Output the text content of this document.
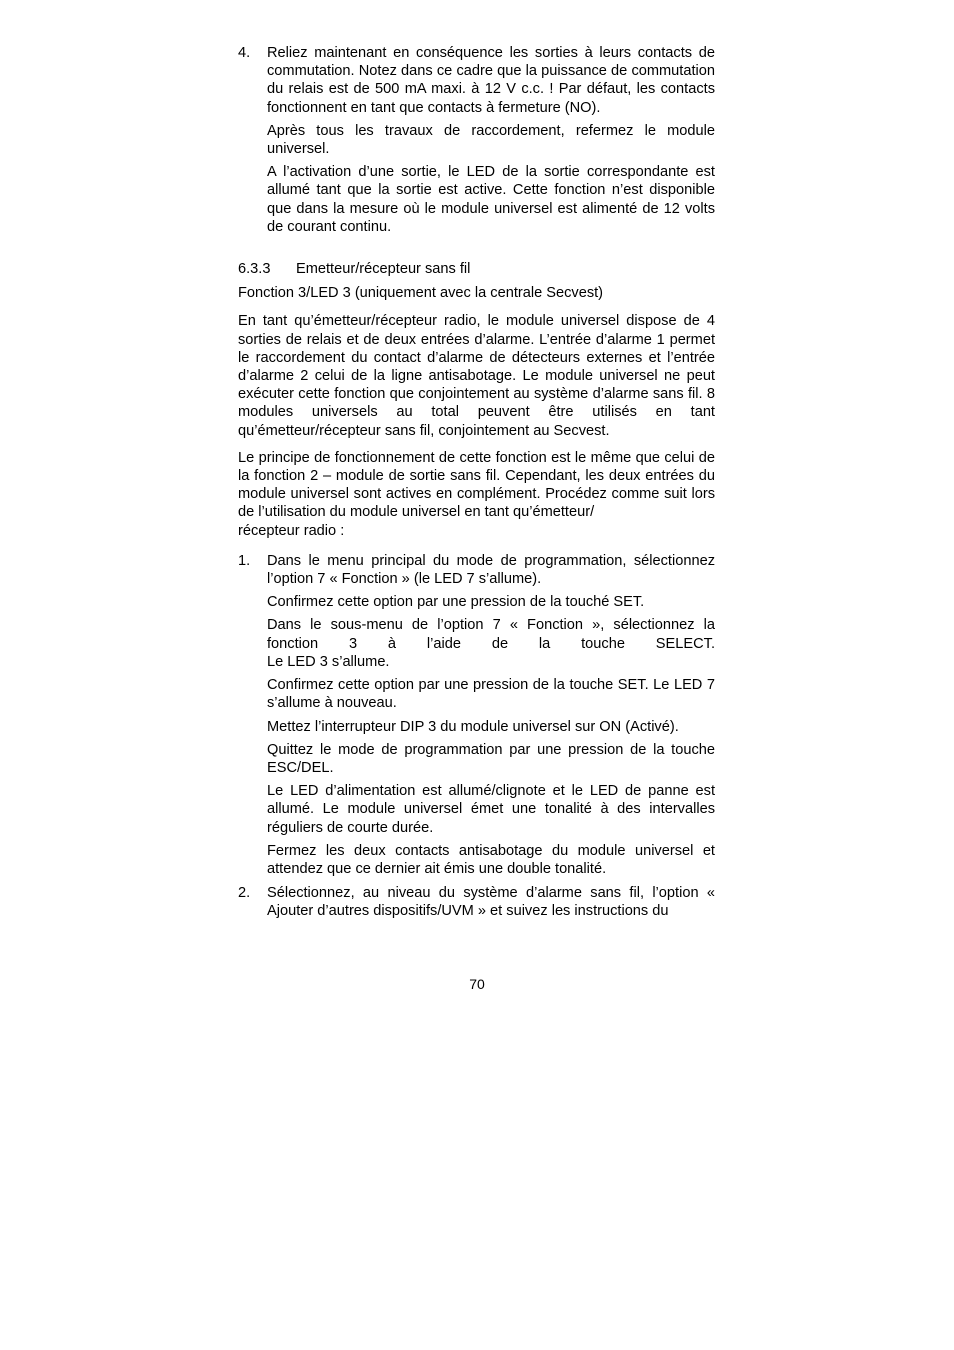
4.	Reliez maintenant en conséquence les sorties à leurs contacts de commutation. Notez dans ce cadre que la puissance de commutation du relais est de 500 mA maxi. à 12 V c.c. ! Par défaut, les contacts fonctionnent en tant que contacts à fermeture (NO).

Après tous les travaux de raccordement, refermez le module universel.

A l’activation d’une sortie, le LED de la sortie correspondante est allumé tant que la sortie est active. Cette fonction n’est disponible que dans la mesure où le module universel est alimenté de 12 volts de courant continu.

6.3.3	Emetteur/récepteur sans fil
Fonction 3/LED 3 (uniquement avec la centrale Secvest)

En tant qu’émetteur/récepteur radio, le module universel dispose de 4 sorties de relais et de deux entrées d’alarme. L’entrée d’alarme 1 permet le raccordement du contact d’alarme de détecteurs externes et l’entrée d’alarme 2 celui de la ligne antisabotage. Le module universel ne peut exécuter cette fonction que conjointement au système d’alarme sans fil. 8 modules universels au total peuvent être utilisés en tant qu’émetteur/récepteur sans fil, conjointement au Secvest.

Le principe de fonctionnement de cette fonction est le même que celui de la fonction 2 – module de sortie sans fil. Cependant, les deux entrées du module universel sont actives en complément. Procédez comme suit lors de l’utilisation du module universel en tant qu’émetteur/
récepteur radio :

1.	Dans le menu principal du mode de programmation, sélectionnez l’option 7 « Fonction » (le LED 7 s’allume).

Confirmez cette option par une pression de la touché SET.

Dans le sous-menu de l’option 7 « Fonction », sélectionnez la fonction 3 à l’aide de la touche SELECT.
Le LED 3 s’allume.

Confirmez cette option par une pression de la touche SET. Le LED 7 s’allume à nouveau.

Mettez l’interrupteur DIP 3 du module universel sur ON (Activé).

Quittez le mode de programmation par une pression de la touche ESC/DEL.

Le LED d’alimentation est allumé/clignote et le LED de panne est allumé. Le module universel émet une tonalité à des intervalles réguliers de courte durée.

Fermez les deux contacts antisabotage du module universel et attendez que ce dernier ait émis une double tonalité.

2.	Sélectionnez, au niveau du système d’alarme sans fil, l’option « Ajouter d’autres dispositifs/UVM » et suivez les instructions du

70
